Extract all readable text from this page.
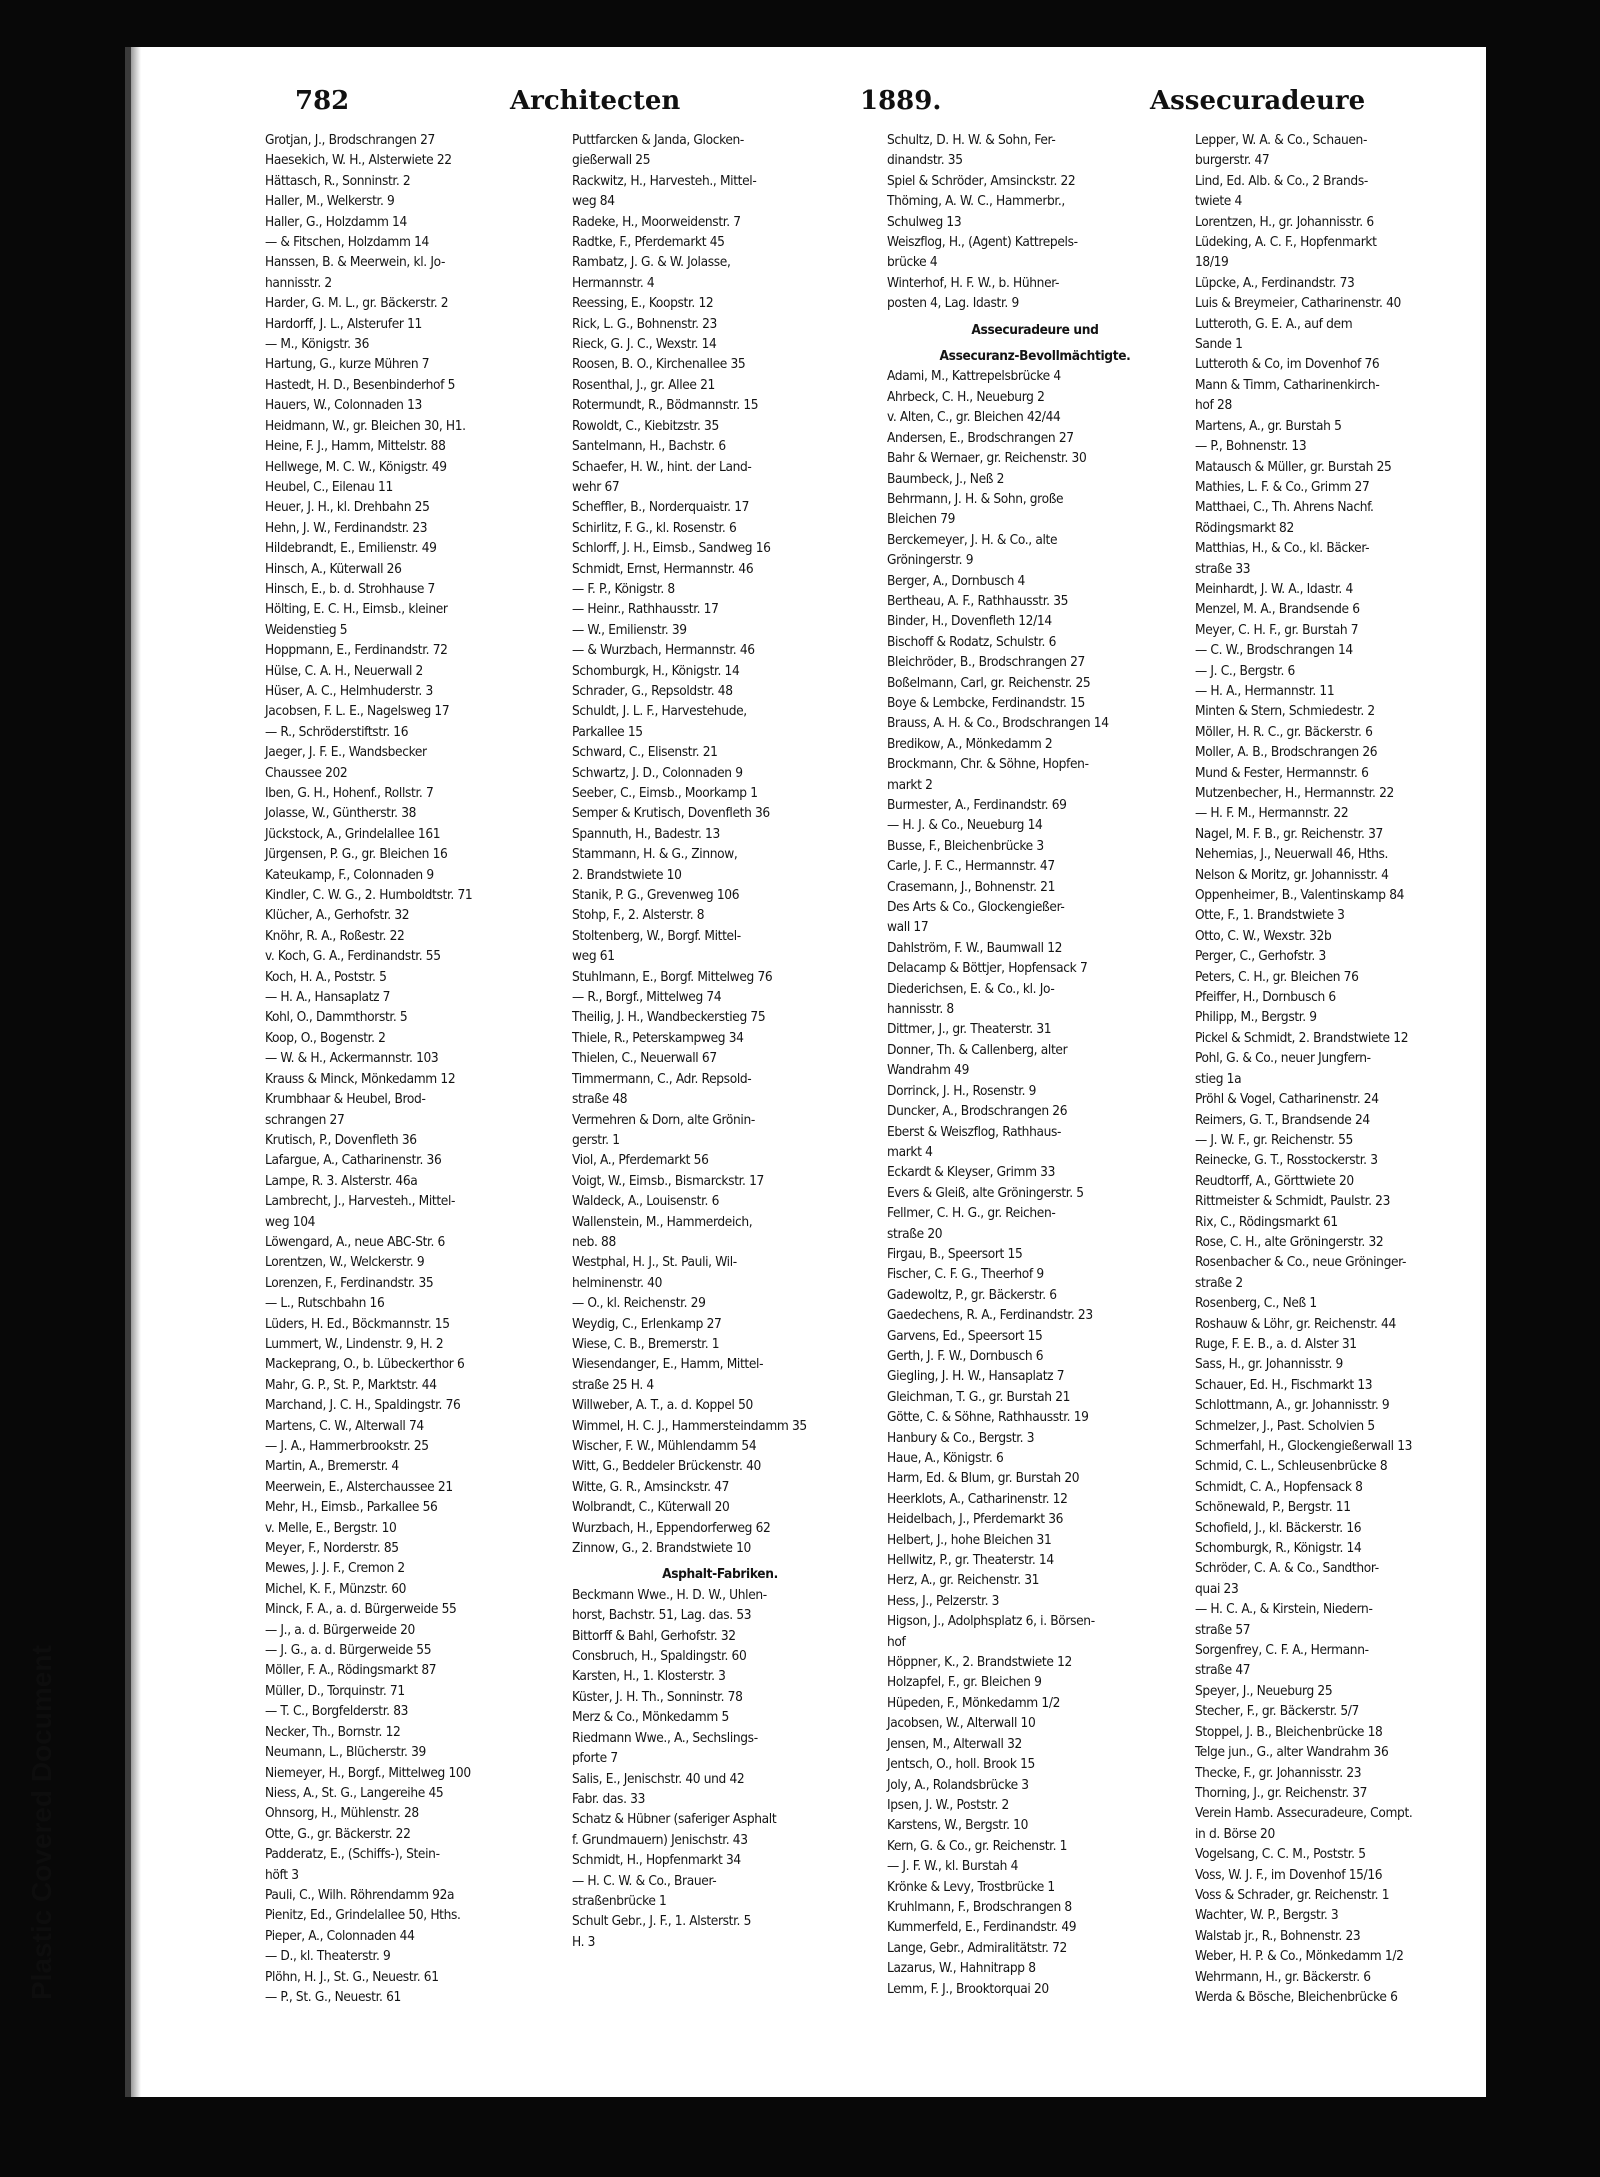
782	Architecten	1889.	Assecuradeure
Grotjan, J., Brodschrangen 27
Haesekich, W. H., Alsterwiete 22
Hättasch, R., Sonninstr. 2
Haller, M., Welkerstr. 9
Haller, G., Holzdamm 14
— & Fitschen, Holzdamm 14
Hanssen, B. & Meerwein, kl. Jo-
hannisstr. 2
Harder, G. M. L., gr. Bäckerstr. 2
Hardorff, J. L., Alsterufer 11
— M., Königstr. 36
Hartung, G., kurze Mühren 7
Hastedt, H. D., Besenbinderhof 5
Hauers, W., Colonnaden 13
Heidmann, W., gr. Bleichen 30, H1.
Heine, F. J., Hamm, Mittelstr. 88
Hellwege, M. C. W., Königstr. 49
Heubel, C., Eilenau 11
Heuer, J. H., kl. Drehbahn 25
Hehn, J. W., Ferdinandstr. 23
Hildebrandt, E., Emilienstr. 49
Hinsch, A., Küterwall 26
Hinsch, E., b. d. Strohhause 7
Hölting, E. C. H., Eimsb., kleiner
Weidenstieg 5
Hoppmann, E., Ferdinandstr. 72
Hülse, C. A. H., Neuerwall 2
Hüser, A. C., Helmhuderstr. 3
Jacobsen, F. L. E., Nagelsweg 17
— R., Schröderstiftstr. 16
Jaeger, J. F. E., Wandsbecker
Chaussee 202
Iben, G. H., Hohenf., Rollstr. 7
Jolasse, W., Güntherstr. 38
Jückstock, A., Grindelallee 161
Jürgensen, P. G., gr. Bleichen 16
Kateukamp, F., Colonnaden 9
Kindler, C. W. G., 2. Humboldtstr. 71
Klücher, A., Gerhofstr. 32
Knöhr, R. A., Roßestr. 22
v. Koch, G. A., Ferdinandstr. 55
Koch, H. A., Poststr. 5
— H. A., Hansaplatz 7
Kohl, O., Dammthorstr. 5
Koop, O., Bogenstr. 2
— W. & H., Ackermannstr. 103
Krauss & Minck, Mönkedamm 12
Krumbhaar & Heubel, Brod-
schrangen 27
Krutisch, P., Dovenfleth 36
Lafargue, A., Catharinenstr. 36
Lampe, R. 3. Alsterstr. 46a
Lambrecht, J., Harvesteh., Mittel-
weg 104
Löwengard, A., neue ABC-Str. 6
Lorentzen, W., Welckerstr. 9
Lorenzen, F., Ferdinandstr. 35
— L., Rutschbahn 16
Lüders, H. Ed., Böckmannstr. 15
Lummert, W., Lindenstr. 9, H. 2
Mackeprang, O., b. Lübeckerthor 6
Mahr, G. P., St. P., Marktstr. 44
Marchand, J. C. H., Spaldingstr. 76
Martens, C. W., Alterwall 74
— J. A., Hammerbrookstr. 25
Martin, A., Bremerstr. 4
Meerwein, E., Alsterchaussee 21
Mehr, H., Eimsb., Parkallee 56
v. Melle, E., Bergstr. 10
Meyer, F., Norderstr. 85
Mewes, J. J. F., Cremon 2
Michel, K. F., Münzstr. 60
Minck, F. A., a. d. Bürgerweide 55
— J., a. d. Bürgerweide 20
— J. G., a. d. Bürgerweide 55
Möller, F. A., Rödingsmarkt 87
Müller, D., Torquinstr. 71
— T. C., Borgfelderstr. 83
Necker, Th., Bornstr. 12
Neumann, L., Blücherstr. 39
Niemeyer, H., Borgf., Mittelweg 100
Niess, A., St. G., Langereihe 45
Ohnsorg, H., Mühlenstr. 28
Otte, G., gr. Bäckerstr. 22
Padderatz, E., (Schiffs-), Stein-
höft 3
Pauli, C., Wilh. Röhrendamm 92a
Pienitz, Ed., Grindelallee 50, Hths.
Pieper, A., Colonnaden 44
— D., kl. Theaterstr. 9
Plöhn, H. J., St. G., Neuestr. 61
— P., St. G., Neuestr. 61
Puttfarcken & Janda, Glocken-
gießerwall 25
Rackwitz, H., Harvesteh., Mittel-
weg 84
Radeke, H., Moorweidenstr. 7
Radtke, F., Pferdemarkt 45
Rambatz, J. G. & W. Jolasse,
Hermannstr. 4
Reessing, E., Koopstr. 12
Rick, L. G., Bohnenstr. 23
Rieck, G. J. C., Wexstr. 14
Roosen, B. O., Kirchenallee 35
Rosenthal, J., gr. Allee 21
Rotermundt, R., Bödmannstr. 15
Rowoldt, C., Kiebitzstr. 35
Santelmann, H., Bachstr. 6
Schaefer, H. W., hint. der Land-
wehr 67
Scheffler, B., Norderquaistr. 17
Schirlitz, F. G., kl. Rosenstr. 6
Schlorff, J. H., Eimsb., Sandweg 16
Schmidt, Ernst, Hermannstr. 46
— F. P., Königstr. 8
— Heinr., Rathhausstr. 17
— W., Emilienstr. 39
— & Wurzbach, Hermannstr. 46
Schomburgk, H., Königstr. 14
Schrader, G., Repsoldstr. 48
Schuldt, J. L. F., Harvestehude,
Parkallee 15
Schward, C., Elisenstr. 21
Schwartz, J. D., Colonnaden 9
Seeber, C., Eimsb., Moorkamp 1
Semper & Krutisch, Dovenfleth 36
Spannuth, H., Badestr. 13
Stammann, H. & G., Zinnow,
2. Brandstwiete 10
Stanik, P. G., Grevenweg 106
Stohp, F., 2. Alsterstr. 8
Stoltenberg, W., Borgf. Mittel-
weg 61
Stuhlmann, E., Borgf. Mittelweg 76
— R., Borgf., Mittelweg 74
Theilig, J. H., Wandbeckerstieg 75
Thiele, R., Peterskampweg 34
Thielen, C., Neuerwall 67
Timmermann, C., Adr. Repsold-
straße 48
Vermehren & Dorn, alte Grönin-
gerstr. 1
Viol, A., Pferdemarkt 56
Voigt, W., Eimsb., Bismarckstr. 17
Waldeck, A., Louisenstr. 6
Wallenstein, M., Hammerdeich,
neb. 88
Westphal, H. J., St. Pauli, Wil-
helminenstr. 40
— O., kl. Reichenstr. 29
Weydig, C., Erlenkamp 27
Wiese, C. B., Bremerstr. 1
Wiesendanger, E., Hamm, Mittel-
straße 25 H. 4
Willweber, A. T., a. d. Koppel 50
Wimmel, H. C. J., Hammersteindamm 35
Wischer, F. W., Mühlendamm 54
Witt, G., Beddeler Brückenstr. 40
Witte, G. R., Amsinckstr. 47
Wolbrandt, C., Küterwall 20
Wurzbach, H., Eppendorferweg 62
Zinnow, G., 2. Brandstwiete 10
Asphalt-Fabriken.
Beckmann Wwe., H. D. W., Uhlen-
horst, Bachstr. 51, Lag. das. 53
Bittorff & Bahl, Gerhofstr. 32
Consbruch, H., Spaldingstr. 60
Karsten, H., 1. Klosterstr. 3
Küster, J. H. Th., Sonninstr. 78
Merz & Co., Mönkedamm 5
Riedmann Wwe., A., Sechslings-
pforte 7
Salis, E., Jenischstr. 40 und 42
Fabr. das. 33
Schatz & Hübner (saferiger Asphalt
f. Grundmauern) Jenischstr. 43
Schmidt, H., Hopfenmarkt 34
— H. C. W. & Co., Brauer-
straßenbrücke 1
Schult Gebr., J. F., 1. Alsterstr. 5
H. 3
Schultz, D. H. W. & Sohn, Fer-
dinandstr. 35
Spiel & Schröder, Amsinckstr. 22
Thöming, A. W. C., Hammerbr.,
Schulweg 13
Weiszflog, H., (Agent) Kattrepels-
brücke 4
Winterhof, H. F. W., b. Hühner-
posten 4, Lag. Idastr. 9
Assecuradeure und
Assecuranz-Bevollmächtigte.
Adami, M., Kattrepelsbrücke 4
Ahrbeck, C. H., Neueburg 2
v. Alten, C., gr. Bleichen 42/44
Andersen, E., Brodschrangen 27
Bahr & Wernaer, gr. Reichenstr. 30
Baumbeck, J., Neß 2
Behrmann, J. H. & Sohn, große
Bleichen 79
Berckemeyer, J. H. & Co., alte
Gröningerstr. 9
Berger, A., Dornbusch 4
Bertheau, A. F., Rathhausstr. 35
Binder, H., Dovenfleth 12/14
Bischoff & Rodatz, Schulstr. 6
Bleichröder, B., Brodschrangen 27
Boßelmann, Carl, gr. Reichenstr. 25
Boye & Lembcke, Ferdinandstr. 15
Brauss, A. H. & Co., Brodschrangen 14
Bredikow, A., Mönkedamm 2
Brockmann, Chr. & Söhne, Hopfen-
markt 2
Burmester, A., Ferdinandstr. 69
— H. J. & Co., Neueburg 14
Busse, F., Bleichenbrücke 3
Carle, J. F. C., Hermannstr. 47
Crasemann, J., Bohnenstr. 21
Des Arts & Co., Glockengießer-
wall 17
Dahlström, F. W., Baumwall 12
Delacamp & Böttjer, Hopfensack 7
Diederichsen, E. & Co., kl. Jo-
hannisstr. 8
Dittmer, J., gr. Theaterstr. 31
Donner, Th. & Callenberg, alter
Wandrahm 49
Dorrinck, J. H., Rosenstr. 9
Duncker, A., Brodschrangen 26
Eberst & Weiszflog, Rathhaus-
markt 4
Eckardt & Kleyser, Grimm 33
Evers & Gleiß, alte Gröningerstr. 5
Fellmer, C. H. G., gr. Reichen-
straße 20
Firgau, B., Speersort 15
Fischer, C. F. G., Theerhof 9
Gadewoltz, P., gr. Bäckerstr. 6
Gaedechens, R. A., Ferdinandstr. 23
Garvens, Ed., Speersort 15
Gerth, J. F. W., Dornbusch 6
Giegling, J. H. W., Hansaplatz 7
Gleichman, T. G., gr. Burstah 21
Götte, C. & Söhne, Rathhausstr. 19
Hanbury & Co., Bergstr. 3
Haue, A., Königstr. 6
Harm, Ed. & Blum, gr. Burstah 20
Heerklots, A., Catharinenstr. 12
Heidelbach, J., Pferdemarkt 36
Helbert, J., hohe Bleichen 31
Hellwitz, P., gr. Theaterstr. 14
Herz, A., gr. Reichenstr. 31
Hess, J., Pelzerstr. 3
Higson, J., Adolphsplatz 6, i. Börsen-
hof
Höppner, K., 2. Brandstwiete 12
Holzapfel, F., gr. Bleichen 9
Hüpeden, F., Mönkedamm 1/2
Jacobsen, W., Alterwall 10
Jensen, M., Alterwall 32
Jentsch, O., holl. Brook 15
Joly, A., Rolandsbrücke 3
Ipsen, J. W., Poststr. 2
Karstens, W., Bergstr. 10
Kern, G. & Co., gr. Reichenstr. 1
— J. F. W., kl. Burstah 4
Krönke & Levy, Trostbrücke 1
Kruhlmann, F., Brodschrangen 8
Kummerfeld, E., Ferdinandstr. 49
Lange, Gebr., Admiralitätstr. 72
Lazarus, W., Hahnitrapp 8
Lemm, F. J., Brooktorquai 20
Lepper, W. A. & Co., Schauen-
burgerstr. 47
Lind, Ed. Alb. & Co., 2 Brands-
twiete 4
Lorentzen, H., gr. Johannisstr. 6
Lüdeking, A. C. F., Hopfenmarkt
18/19
Lüpcke, A., Ferdinandstr. 73
Luis & Breymeier, Catharinenstr. 40
Lutteroth, G. E. A., auf dem
Sande 1
Lutteroth & Co, im Dovenhof 76
Mann & Timm, Catharinenkirch-
hof 28
Martens, A., gr. Burstah 5
— P., Bohnenstr. 13
Matausch & Müller, gr. Burstah 25
Mathies, L. F. & Co., Grimm 27
Matthaei, C., Th. Ahrens Nachf.
Rödingsmarkt 82
Matthias, H., & Co., kl. Bäcker-
straße 33
Meinhardt, J. W. A., Idastr. 4
Menzel, M. A., Brandsende 6
Meyer, C. H. F., gr. Burstah 7
— C. W., Brodschrangen 14
— J. C., Bergstr. 6
— H. A., Hermannstr. 11
Minten & Stern, Schmiedestr. 2
Möller, H. R. C., gr. Bäckerstr. 6
Moller, A. B., Brodschrangen 26
Mund & Fester, Hermannstr. 6
Mutzenbecher, H., Hermannstr. 22
— H. F. M., Hermannstr. 22
Nagel, M. F. B., gr. Reichenstr. 37
Nehemias, J., Neuerwall 46, Hths.
Nelson & Moritz, gr. Johannisstr. 4
Oppenheimer, B., Valentinskamp 84
Otte, F., 1. Brandstwiete 3
Otto, C. W., Wexstr. 32b
Perger, C., Gerhofstr. 3
Peters, C. H., gr. Bleichen 76
Pfeiffer, H., Dornbusch 6
Philipp, M., Bergstr. 9
Pickel & Schmidt, 2. Brandstwiete 12
Pohl, G. & Co., neuer Jungfern-
stieg 1a
Pröhl & Vogel, Catharinenstr. 24
Reimers, G. T., Brandsende 24
— J. W. F., gr. Reichenstr. 55
Reinecke, G. T., Rosstockerstr. 3
Reudtorff, A., Görttwiete 20
Rittmeister & Schmidt, Paulstr. 23
Rix, C., Rödingsmarkt 61
Rose, C. H., alte Gröningerstr. 32
Rosenbacher & Co., neue Gröninger-
straße 2
Rosenberg, C., Neß 1
Roshauw & Löhr, gr. Reichenstr. 44
Ruge, F. E. B., a. d. Alster 31
Sass, H., gr. Johannisstr. 9
Schauer, Ed. H., Fischmarkt 13
Schlottmann, A., gr. Johannisstr. 9
Schmelzer, J., Past. Scholvien 5
Schmerfahl, H., Glockengießerwall 13
Schmid, C. L., Schleusenbrücke 8
Schmidt, C. A., Hopfensack 8
Schönewald, P., Bergstr. 11
Schofield, J., kl. Bäckerstr. 16
Schomburgk, R., Königstr. 14
Schröder, C. A. & Co., Sandthor-
quai 23
— H. C. A., & Kirstein, Niedern-
straße 57
Sorgenfrey, C. F. A., Hermann-
straße 47
Speyer, J., Neueburg 25
Stecher, F., gr. Bäckerstr. 5/7
Stoppel, J. B., Bleichenbrücke 18
Telge jun., G., alter Wandrahm 36
Thecke, F., gr. Johannisstr. 23
Thorning, J., gr. Reichenstr. 37
Verein Hamb. Assecuradeure, Compt.
in d. Börse 20
Vogelsang, C. C. M., Poststr. 5
Voss, W. J. F., im Dovenhof 15/16
Voss & Schrader, gr. Reichenstr. 1
Wachter, W. P., Bergstr. 3
Walstab jr., R., Bohnenstr. 23
Weber, H. P. & Co., Mönkedamm 1/2
Wehrmann, H., gr. Bäckerstr. 6
Werda & Bösche, Bleichenbrücke 6
